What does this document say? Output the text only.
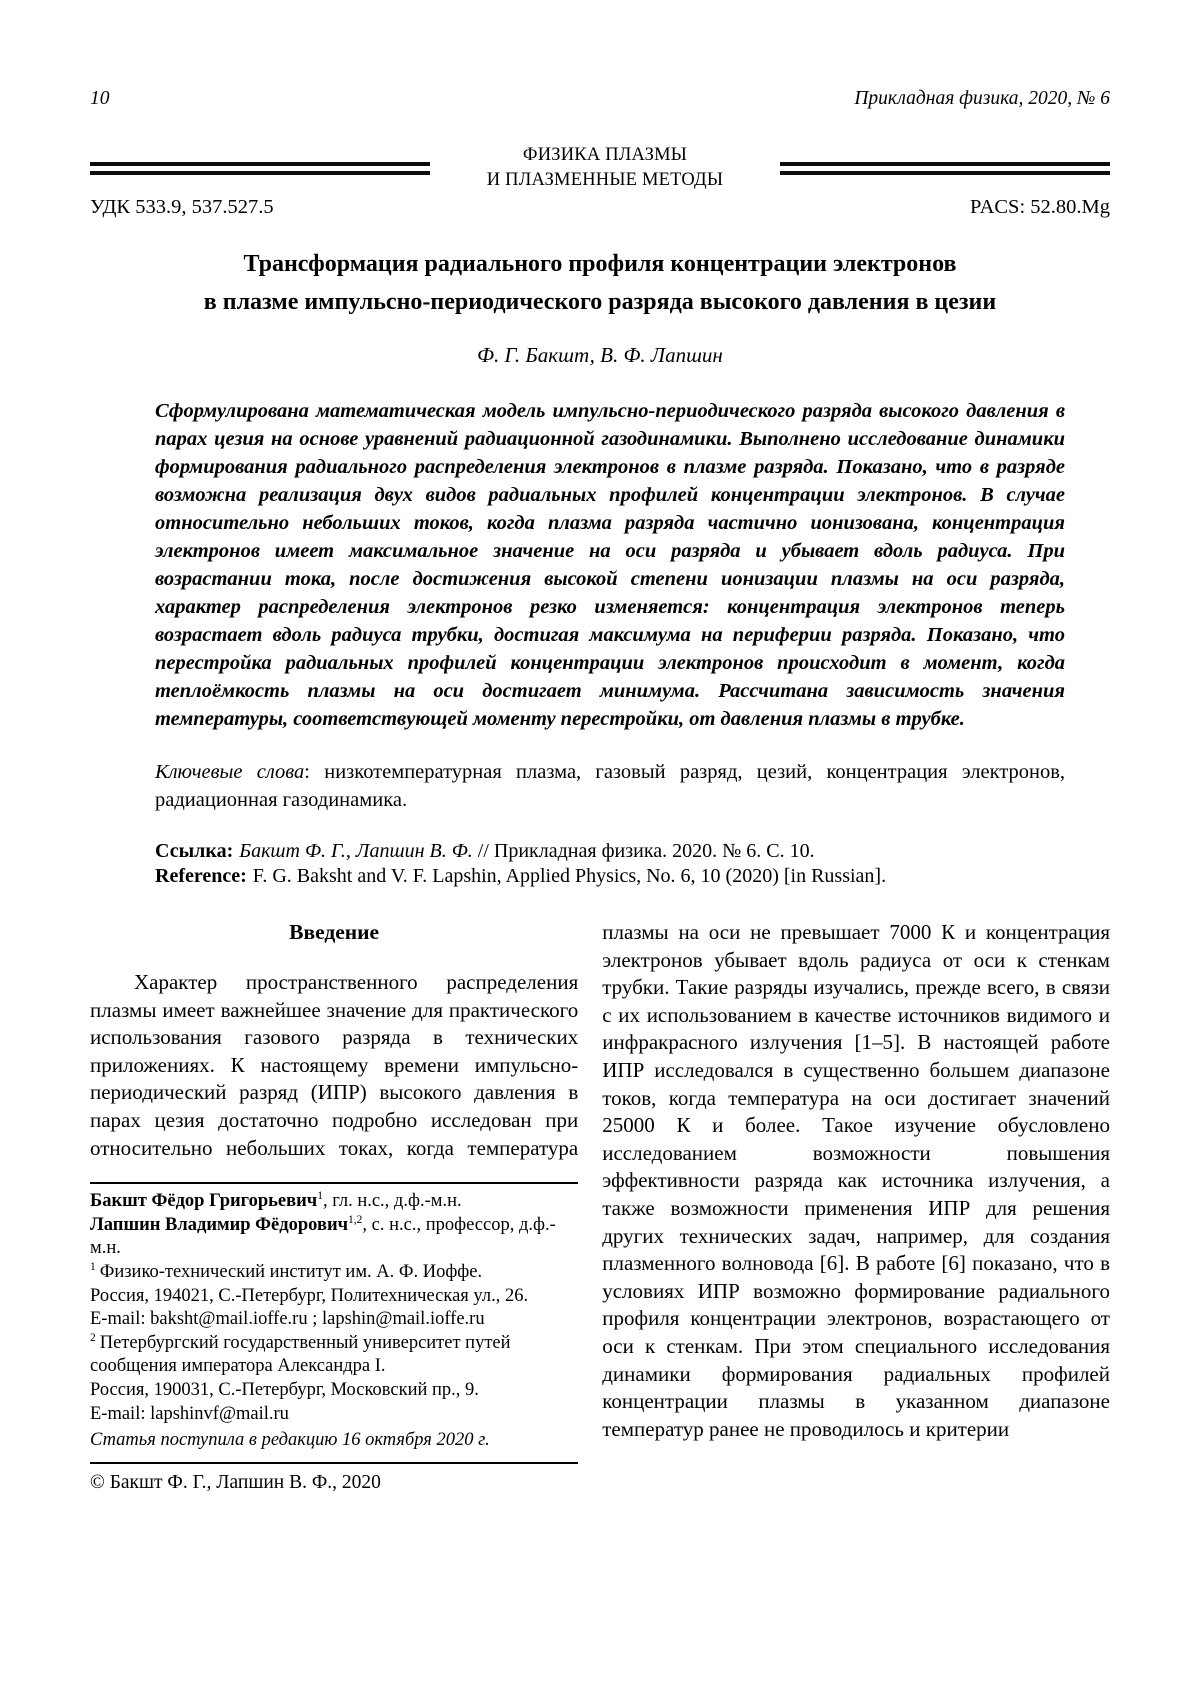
10	Прикладная физика, 2020, № 6
ФИЗИКА ПЛАЗМЫ
И ПЛАЗМЕННЫЕ МЕТОДЫ
УДК 533.9, 537.527.5	PACS: 52.80.Mg
Трансформация радиального профиля концентрации электронов
в плазме импульсно-периодического разряда высокого давления в цезии
Ф. Г. Бакшт, В. Ф. Лапшин
Сформулирована математическая модель импульсно-периодического разряда высокого давления в парах цезия на основе уравнений радиационной газодинамики. Выполнено исследование динамики формирования радиального распределения электронов в плазме разряда. Показано, что в разряде возможна реализация двух видов радиальных профилей концентрации электронов. В случае относительно небольших токов, когда плазма разряда частично ионизована, концентрация электронов имеет максимальное значение на оси разряда и убывает вдоль радиуса. При возрастании тока, после достижения высокой степени ионизации плазмы на оси разряда, характер распределения электронов резко изменяется: концентрация электронов теперь возрастает вдоль радиуса трубки, достигая максимума на периферии разряда. Показано, что перестройка радиальных профилей концентрации электронов происходит в момент, когда теплоёмкость плазмы на оси достигает минимума. Рассчитана зависимость значения температуры, соответствующей моменту перестройки, от давления плазмы в трубке.
Ключевые слова: низкотемпературная плазма, газовый разряд, цезий, концентрация электронов, радиационная газодинамика.
Ссылка: Бакшт Ф. Г., Лапшин В. Ф. // Прикладная физика. 2020. № 6. С. 10.
Reference: F. G. Baksht and V. F. Lapshin, Applied Physics, No. 6, 10 (2020) [in Russian].
Введение

Характер пространственного распределения плазмы имеет важнейшее значение для практического использования газового разряда в технических приложениях. К настоящему времени импульсно-периодический разряд (ИПР) высокого давления в парах цезия достаточно подробно исследован при относительно небольших токах, когда температура

Бакшт Фёдор Григорьевич$^1$, гл. н.с., д.ф.-м.н.
Лапшин Владимир Фёдорович$^{1,2}$, с. н.с., профессор, д.ф.-м.н.
$^1$ Физико-технический институт им. А. Ф. Иоффе.
Россия, 194021, С.-Петербург, Политехническая ул., 26.
E-mail: baksht@mail.ioffe.ru ; lapshin@mail.ioffe.ru
$^2$ Петербургский государственный университет путей сообщения императора Александра I.
Россия, 190031, С.-Петербург, Московский пр., 9.
E-mail: lapshinvf@mail.ru
Статья поступила в редакцию 16 октября 2020 г.
© Бакшт Ф. Г., Лапшин В. Ф., 2020

плазмы на оси не превышает 7000 К и концентрация электронов убывает вдоль радиуса от оси к стенкам трубки. Такие разряды изучались, прежде всего, в связи с их использованием в качестве источников видимого и инфракрасного излучения [1–5]. В настоящей работе ИПР исследовался в существенно большем диапазоне токов, когда температура на оси достигает значений 25000 К и более. Такое изучение обусловлено исследованием возможности повышения эффективности разряда как источника излучения, а также возможности применения ИПР для решения других технических задач, например, для создания плазменного волновода [6]. В работе [6] показано, что в условиях ИПР возможно формирование радиального профиля концентрации электронов, возрастающего от оси к стенкам. При этом специального исследования динамики формирования радиальных профилей концентрации плазмы в указанном диапазоне температур ранее не проводилось и критерии
